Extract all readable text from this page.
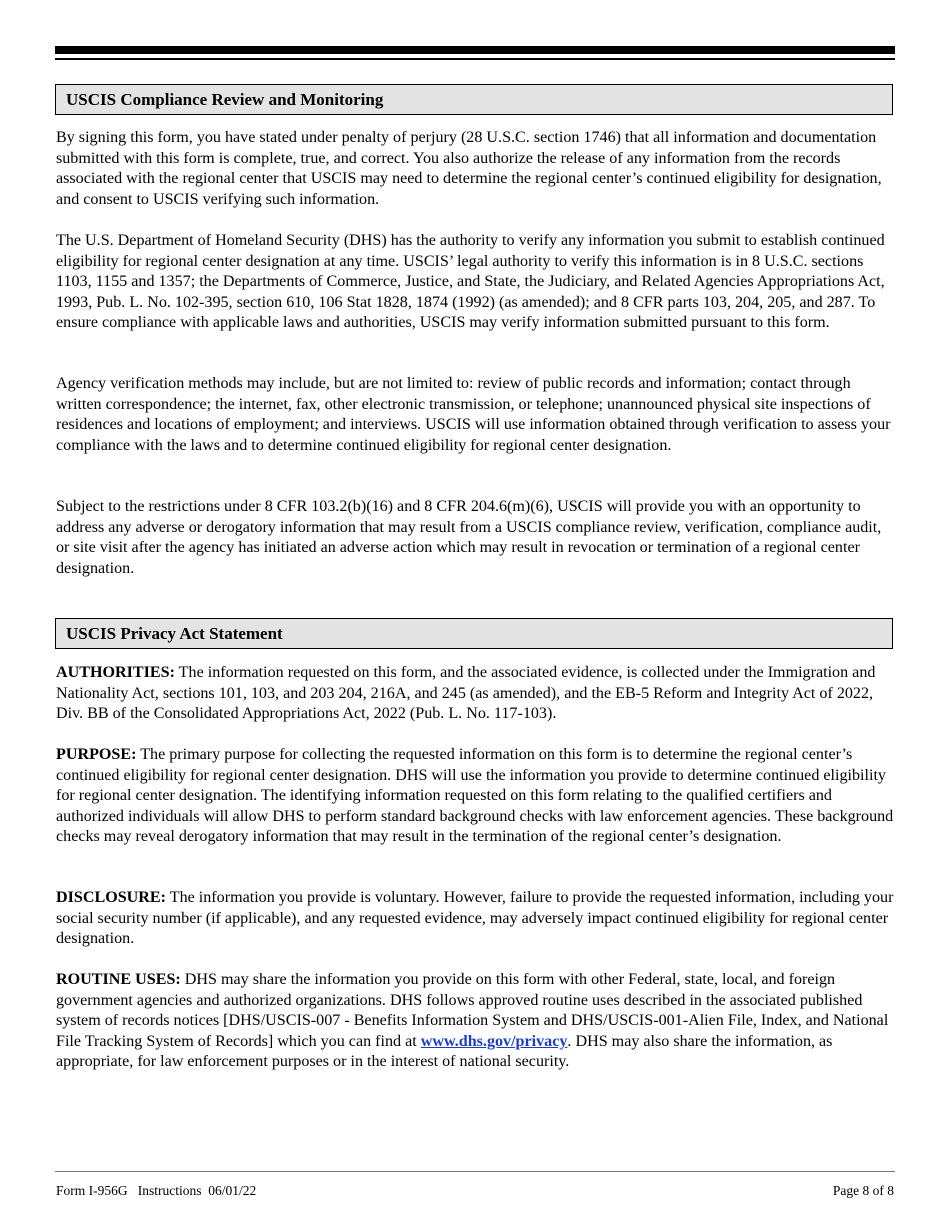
USCIS Compliance Review and Monitoring

By signing this form, you have stated under penalty of perjury (28 U.S.C. section 1746) that all information and documentation submitted with this form is complete, true, and correct. You also authorize the release of any information from the records associated with the regional center that USCIS may need to determine the regional center’s continued eligibility for designation, and consent to USCIS verifying such information.

The U.S. Department of Homeland Security (DHS) has the authority to verify any information you submit to establish continued eligibility for regional center designation at any time. USCIS’ legal authority to verify this information is in 8 U.S.C. sections 1103, 1155 and 1357; the Departments of Commerce, Justice, and State, the Judiciary, and Related Agencies Appropriations Act, 1993, Pub. L. No. 102-395, section 610, 106 Stat 1828, 1874 (1992) (as amended); and 8 CFR parts 103, 204, 205, and 287. To ensure compliance with applicable laws and authorities, USCIS may verify information submitted pursuant to this form.

Agency verification methods may include, but are not limited to: review of public records and information; contact through written correspondence; the internet, fax, other electronic transmission, or telephone; unannounced physical site inspections of residences and locations of employment; and interviews. USCIS will use information obtained through verification to assess your compliance with the laws and to determine continued eligibility for regional center designation.

Subject to the restrictions under 8 CFR 103.2(b)(16) and 8 CFR 204.6(m)(6), USCIS will provide you with an opportunity to address any adverse or derogatory information that may result from a USCIS compliance review, verification, compliance audit, or site visit after the agency has initiated an adverse action which may result in revocation or termination of a regional center designation.

USCIS Privacy Act Statement

AUTHORITIES: The information requested on this form, and the associated evidence, is collected under the Immigration and Nationality Act, sections 101, 103, and 203 204, 216A, and 245 (as amended), and the EB-5 Reform and Integrity Act of 2022, Div. BB of the Consolidated Appropriations Act, 2022 (Pub. L. No. 117-103).

PURPOSE: The primary purpose for collecting the requested information on this form is to determine the regional center’s continued eligibility for regional center designation. DHS will use the information you provide to determine continued eligibility for regional center designation. The identifying information requested on this form relating to the qualified certifiers and authorized individuals will allow DHS to perform standard background checks with law enforcement agencies. These background checks may reveal derogatory information that may result in the termination of the regional center’s designation.

DISCLOSURE: The information you provide is voluntary. However, failure to provide the requested information, including your social security number (if applicable), and any requested evidence, may adversely impact continued eligibility for regional center designation.

ROUTINE USES: DHS may share the information you provide on this form with other Federal, state, local, and foreign government agencies and authorized organizations. DHS follows approved routine uses described in the associated published system of records notices [DHS/USCIS-007 - Benefits Information System and DHS/USCIS-001-Alien File, Index, and National File Tracking System of Records] which you can find at www.dhs.gov/privacy. DHS may also share the information, as appropriate, for law enforcement purposes or in the interest of national security.

Form I-956G   Instructions  06/01/22	Page 8 of 8
